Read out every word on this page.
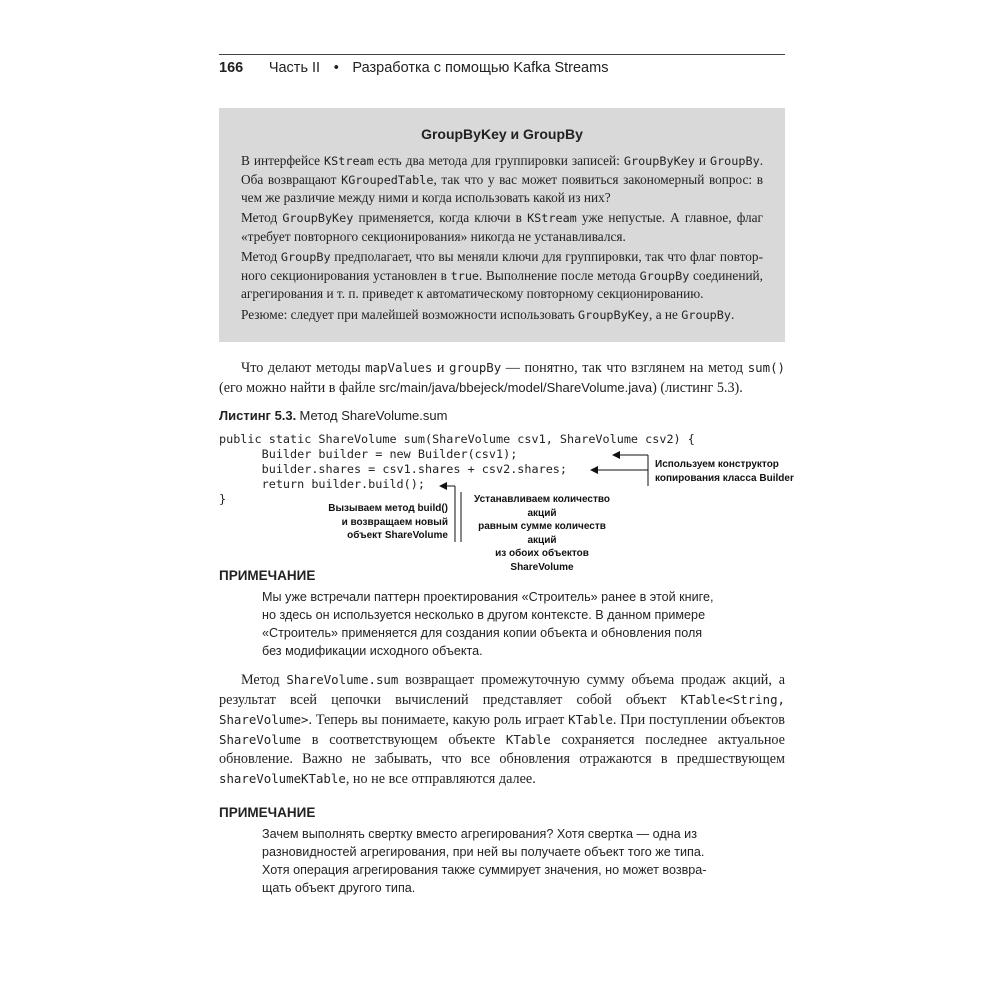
166 Часть II • Разработка с помощью Kafka Streams
GroupByKey и GroupBy
В интерфейсе KStream есть два метода для группировки записей: GroupByKey и GroupBy. Оба возвращают KGroupedTable, так что у вас может появиться закономерный вопрос: в чем же различие между ними и когда использовать какой из них?
Метод GroupByKey применяется, когда ключи в KStream уже непустые. А главное, флаг «требует повторного секционирования» никогда не устанавливался.
Метод GroupBy предполагает, что вы меняли ключи для группировки, так что флаг повторного секционирования установлен в true. Выполнение после метода GroupBy соединений, агрегирования и т. п. приведет к автоматическому повторному секционированию.
Резюме: следует при малейшей возможности использовать GroupByKey, а не GroupBy.
Что делают методы mapValues и groupBy — понятно, так что взглянем на метод sum() (его можно найти в файле src/main/java/bbejeck/model/ShareVolume.java) (листинг 5.3).
Листинг 5.3. Метод ShareVolume.sum
public static ShareVolume sum(ShareVolume csv1, ShareVolume csv2) {
Builder builder = new Builder(csv1);
builder.shares = csv1.shares + csv2.shares;
return builder.build();
}
Используем конструктор
копирования класса Builder
Устанавливаем количество акций
равным сумме количеств акций
из обоих объектов ShareVolume
Вызываем метод build()
и возвращаем новый
объект ShareVolume
ПРИМЕЧАНИЕ
Мы уже встречали паттерн проектирования «Строитель» ранее в этой книге,
но здесь он используется несколько в другом контексте. В данном примере
«Строитель» применяется для создания копии объекта и обновления поля
без модификации исходного объекта.
Метод ShareVolume.sum возвращает промежуточную сумму объема продаж акций, а результат всей цепочки вычислений представляет собой объект KTable<String, ShareVolume>. Теперь вы понимаете, какую роль играет KTable. При поступлении объектов ShareVolume в соответствующем объекте KTable сохраняется последнее актуальное обновление. Важно не забывать, что все обновления отражаются в предшествующем shareVolumeKTable, но не все отправляются далее.
ПРИМЕЧАНИЕ
Зачем выполнять свертку вместо агрегирования? Хотя свертка — одна из
разновидностей агрегирования, при ней вы получаете объект того же типа.
Хотя операция агрегирования также суммирует значения, но может возвра-
щать объект другого типа.
